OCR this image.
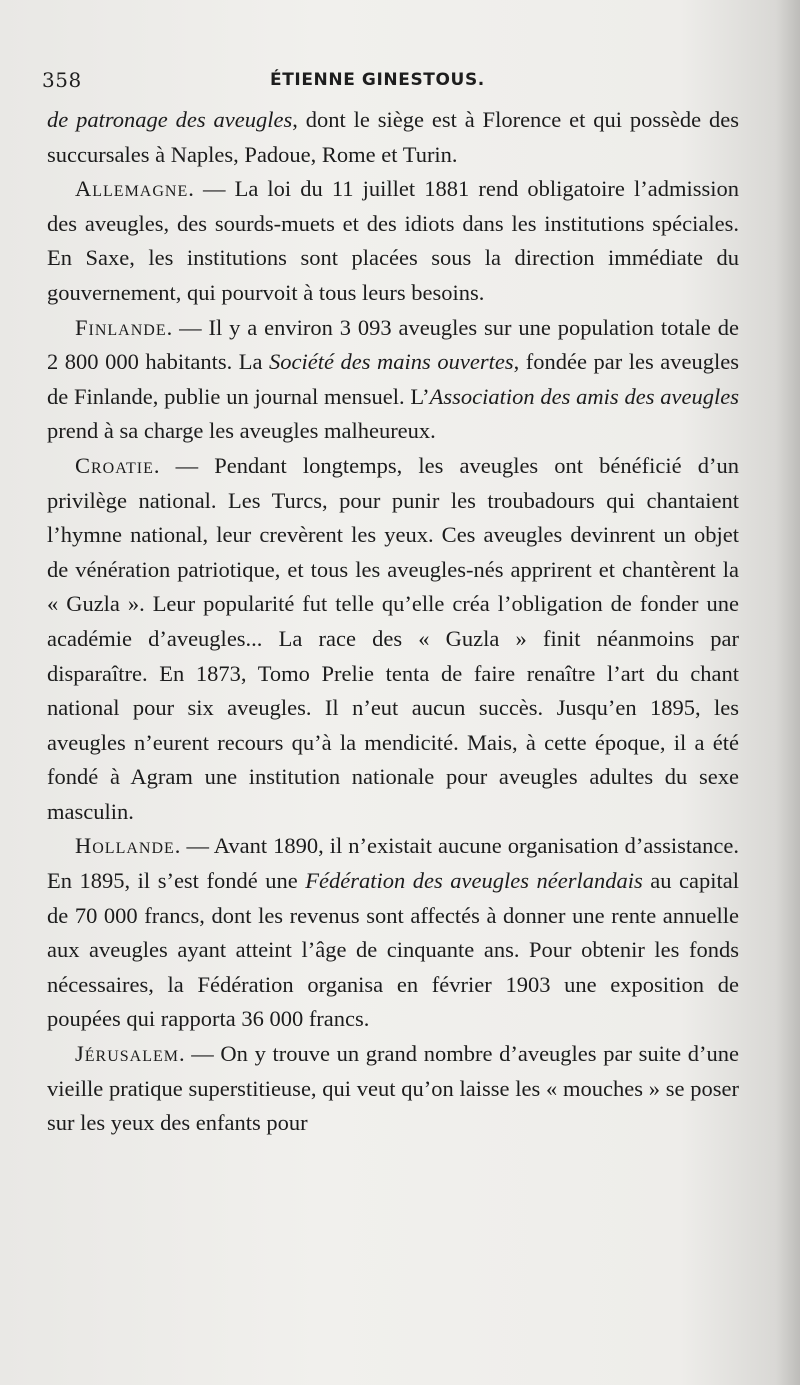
358	ÉTIENNE GINESTOUS.

de patronage des aveugles, dont le siège est à Florence et qui possède des succursales à Naples, Padoue, Rome et Turin.

Allemagne. — La loi du 11 juillet 1881 rend obligatoire l’admission des aveugles, des sourds-muets et des idiots dans les institutions spéciales. En Saxe, les institutions sont placées sous la direction immédiate du gouvernement, qui pourvoit à tous leurs besoins.

Finlande. — Il y a environ 3 093 aveugles sur une population totale de 2 800 000 habitants. La Société des mains ouvertes, fondée par les aveugles de Finlande, publie un journal mensuel. L’Association des amis des aveugles prend à sa charge les aveugles malheureux.

Croatie. — Pendant longtemps, les aveugles ont bénéficié d’un privilège national. Les Turcs, pour punir les troubadours qui chantaient l’hymne national, leur crevèrent les yeux. Ces aveugles devinrent un objet de vénération patriotique, et tous les aveugles-nés apprirent et chantèrent la « Guzla ». Leur popularité fut telle qu’elle créa l’obligation de fonder une académie d’aveugles... La race des « Guzla » finit néanmoins par disparaître. En 1873, Tomo Prelie tenta de faire renaître l’art du chant national pour six aveugles. Il n’eut aucun succès. Jusqu’en 1895, les aveugles n’eurent recours qu’à la mendicité. Mais, à cette époque, il a été fondé à Agram une institution nationale pour aveugles adultes du sexe masculin.

Hollande. — Avant 1890, il n’existait aucune organisation d’assistance. En 1895, il s’est fondé une Fédération des aveugles néerlandais au capital de 70 000 francs, dont les revenus sont affectés à donner une rente annuelle aux aveugles ayant atteint l’âge de cinquante ans. Pour obtenir les fonds nécessaires, la Fédération organisa en février 1903 une exposition de poupées qui rapporta 36 000 francs.

Jérusalem. — On y trouve un grand nombre d’aveugles par suite d’une vieille pratique superstitieuse, qui veut qu’on laisse les « mouches » se poser sur les yeux des enfants pour
